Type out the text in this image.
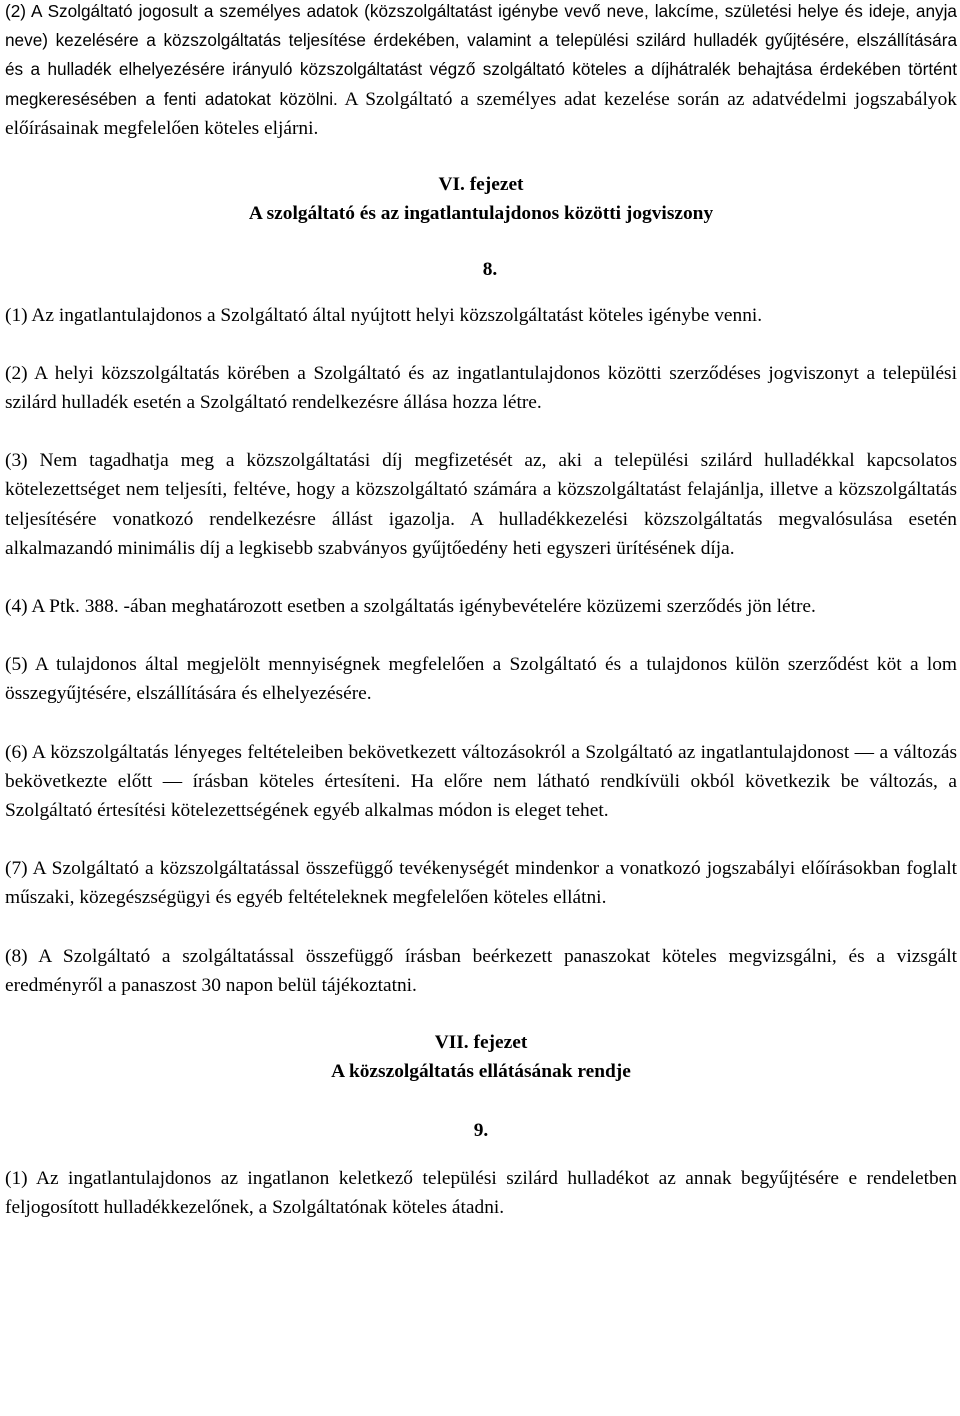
(2) A Szolgáltató jogosult a személyes adatok (közszolgáltatást igénybe vevő neve, lakcíme, születési helye és ideje, anyja neve) kezelésére a közszolgáltatás teljesítése érdekében, valamint a települési szilárd hulladék gyűjtésére, elszállítására és a hulladék elhelyezésére irányuló közszolgáltatást végző szolgáltató köteles a díjhátralék behajtása érdekében történt megkeresésében a fenti adatokat közölni. A Szolgáltató a személyes adat kezelése során az adatvédelmi jogszabályok előírásainak megfelelően köteles eljárni.

VI. fejezet

A szolgáltató és az ingatlantulajdonos közötti jogviszony

8.

(1) Az ingatlantulajdonos a Szolgáltató által nyújtott helyi közszolgáltatást köteles igénybe venni.

(2) A helyi közszolgáltatás körében a Szolgáltató és az ingatlantulajdonos közötti szerződéses jogviszonyt a települési szilárd hulladék esetén a Szolgáltató rendelkezésre állása hozza létre.

(3) Nem tagadhatja meg a közszolgáltatási díj megfizetését az, aki a települési szilárd hulladékkal kapcsolatos kötelezettséget nem teljesíti, feltéve, hogy a közszolgáltató számára a közszolgáltatást felajánlja, illetve a közszolgáltatás teljesítésére vonatkozó rendelkezésre állást igazolja. A hulladékkezelési közszolgáltatás megvalósulása esetén alkalmazandó minimális díj a legkisebb szabványos gyűjtőedény heti egyszeri ürítésének díja.

(4) A Ptk. 388. -ában meghatározott esetben a szolgáltatás igénybevételére közüzemi szerződés jön létre.

(5) A tulajdonos által megjelölt mennyiségnek megfelelően a Szolgáltató és a tulajdonos külön szerződést köt a lom összegyűjtésére, elszállítására és elhelyezésére.

(6) A közszolgáltatás lényeges feltételeiben bekövetkezett változásokról a Szolgáltató az ingatlantulajdonost ― a változás bekövetkezte előtt ― írásban köteles értesíteni. Ha előre nem látható rendkívüli okból következik be változás, a Szolgáltató értesítési kötelezettségének egyéb alkalmas módon is eleget tehet.

(7) A Szolgáltató a közszolgáltatással összefüggő tevékenységét mindenkor a vonatkozó jogszabályi előírásokban foglalt műszaki, közegészségügyi és egyéb feltételeknek megfelelően köteles ellátni.

(8) A Szolgáltató a szolgáltatással összefüggő írásban beérkezett panaszokat köteles megvizsgálni, és a vizsgált eredményről a panaszost 30 napon belül tájékoztatni.

VII. fejezet

A közszolgáltatás ellátásának rendje

9.

(1) Az ingatlantulajdonos az ingatlanon keletkező települési szilárd hulladékot az annak begyűjtésére e rendeletben feljogosított hulladékkezelőnek, a Szolgáltatónak köteles átadni.
